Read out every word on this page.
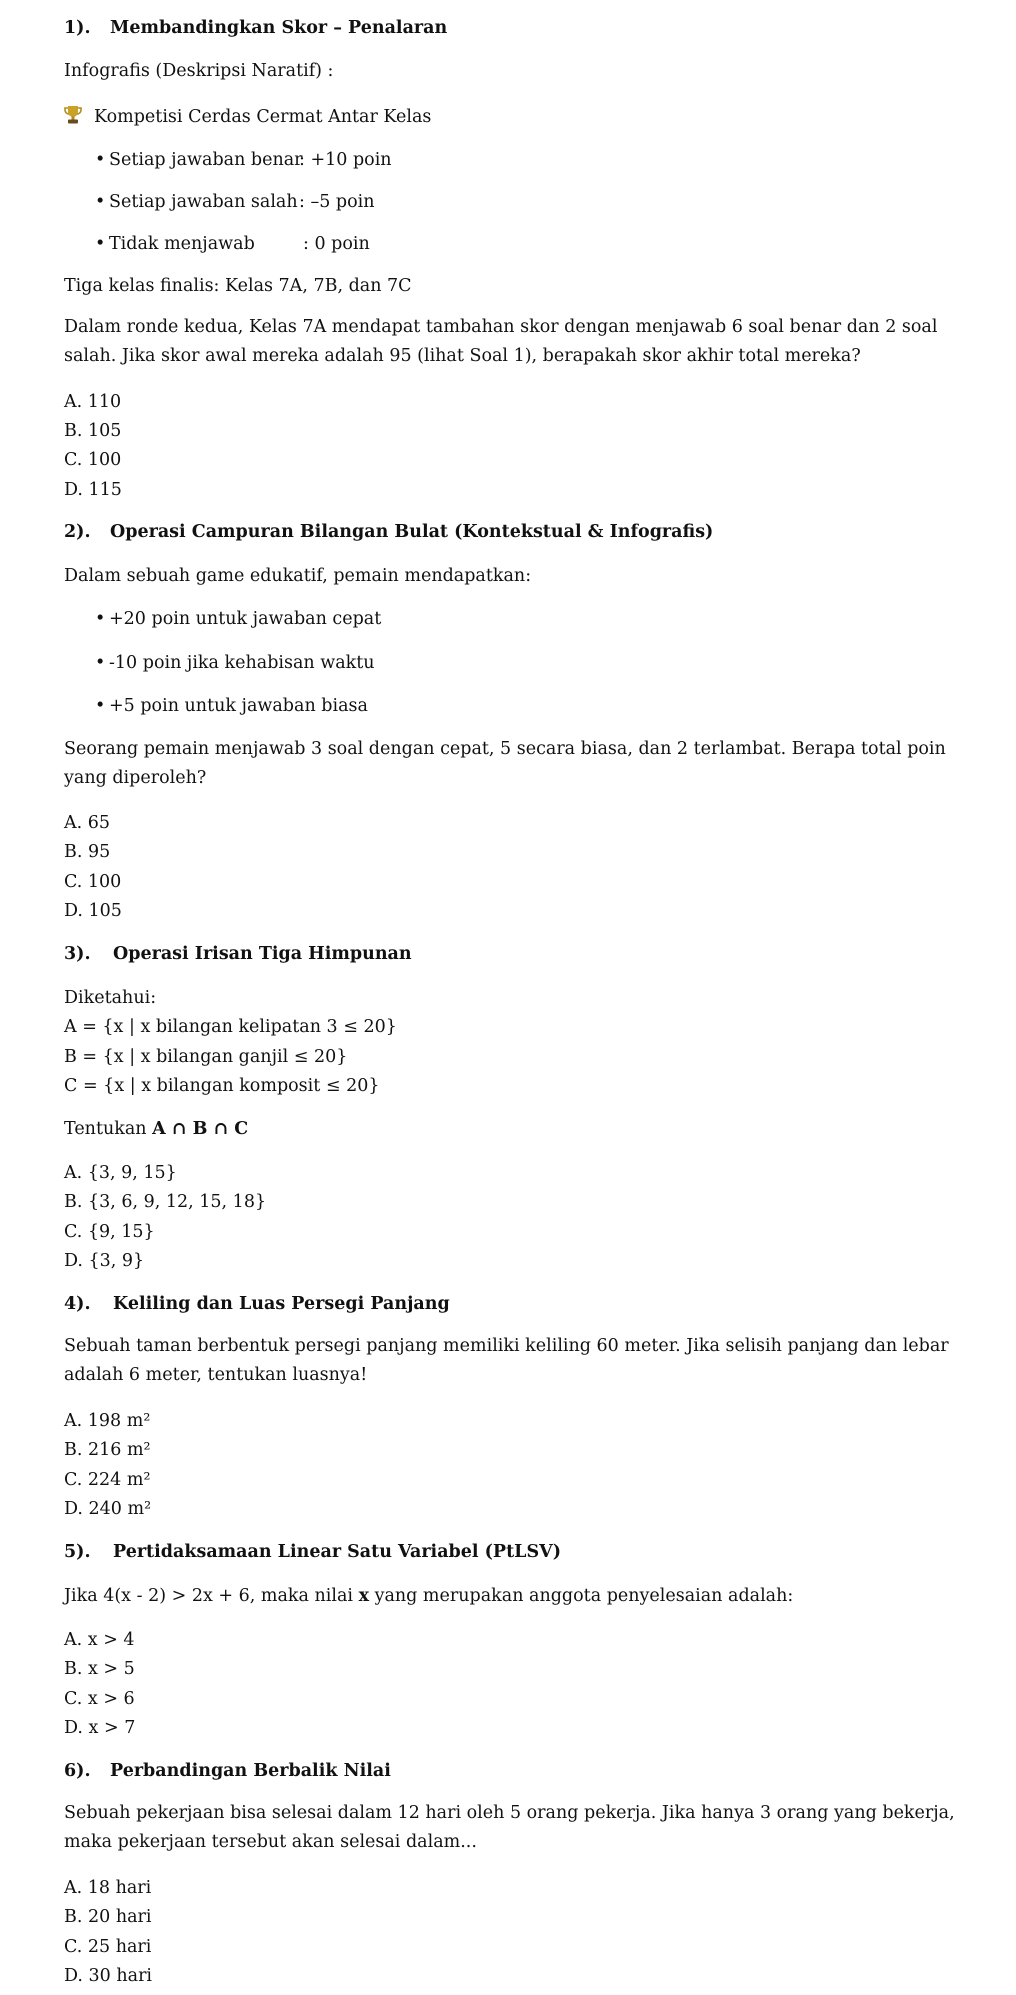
1). Membandingkan Skor – Penalaran
Infografis (Deskripsi Naratif) :
Kompetisi Cerdas Cermat Antar Kelas
• Setiap jawaban benar: +10 poin
• Setiap jawaban salah: –5 poin
• Tidak menjawab	: 0 poin
Tiga kelas finalis: Kelas 7A, 7B, dan 7C
Dalam ronde kedua, Kelas 7A mendapat tambahan skor dengan menjawab 6 soal benar dan 2 soal salah. Jika skor awal mereka adalah 95 (lihat Soal 1), berapakah skor akhir total mereka?
A. 110
B. 105
C. 100
D. 115
2). Operasi Campuran Bilangan Bulat (Kontekstual & Infografis)
Dalam sebuah game edukatif, pemain mendapatkan:
• +20 poin untuk jawaban cepat
• -10 poin jika kehabisan waktu
• +5 poin untuk jawaban biasa
Seorang pemain menjawab 3 soal dengan cepat, 5 secara biasa, dan 2 terlambat. Berapa total poin yang diperoleh?
A. 65
B. 95
C. 100
D. 105
3). Operasi Irisan Tiga Himpunan
Diketahui:
A = {x | x bilangan kelipatan 3 ≤ 20}
B = {x | x bilangan ganjil ≤ 20}
C = {x | x bilangan komposit ≤ 20}
Tentukan A ∩ B ∩ C
A. {3, 9, 15}
B. {3, 6, 9, 12, 15, 18}
C. {9, 15}
D. {3, 9}
4). Keliling dan Luas Persegi Panjang
Sebuah taman berbentuk persegi panjang memiliki keliling 60 meter. Jika selisih panjang dan lebar adalah 6 meter, tentukan luasnya!
A. 198 m²
B. 216 m²
C. 224 m²
D. 240 m²
5). Pertidaksamaan Linear Satu Variabel (PtLSV)
Jika 4(x - 2) > 2x + 6, maka nilai x yang merupakan anggota penyelesaian adalah:
A. x > 4
B. x > 5
C. x > 6
D. x > 7
6). Perbandingan Berbalik Nilai
Sebuah pekerjaan bisa selesai dalam 12 hari oleh 5 orang pekerja. Jika hanya 3 orang yang bekerja, maka pekerjaan tersebut akan selesai dalam...
A. 18 hari
B. 20 hari
C. 25 hari
D. 30 hari
